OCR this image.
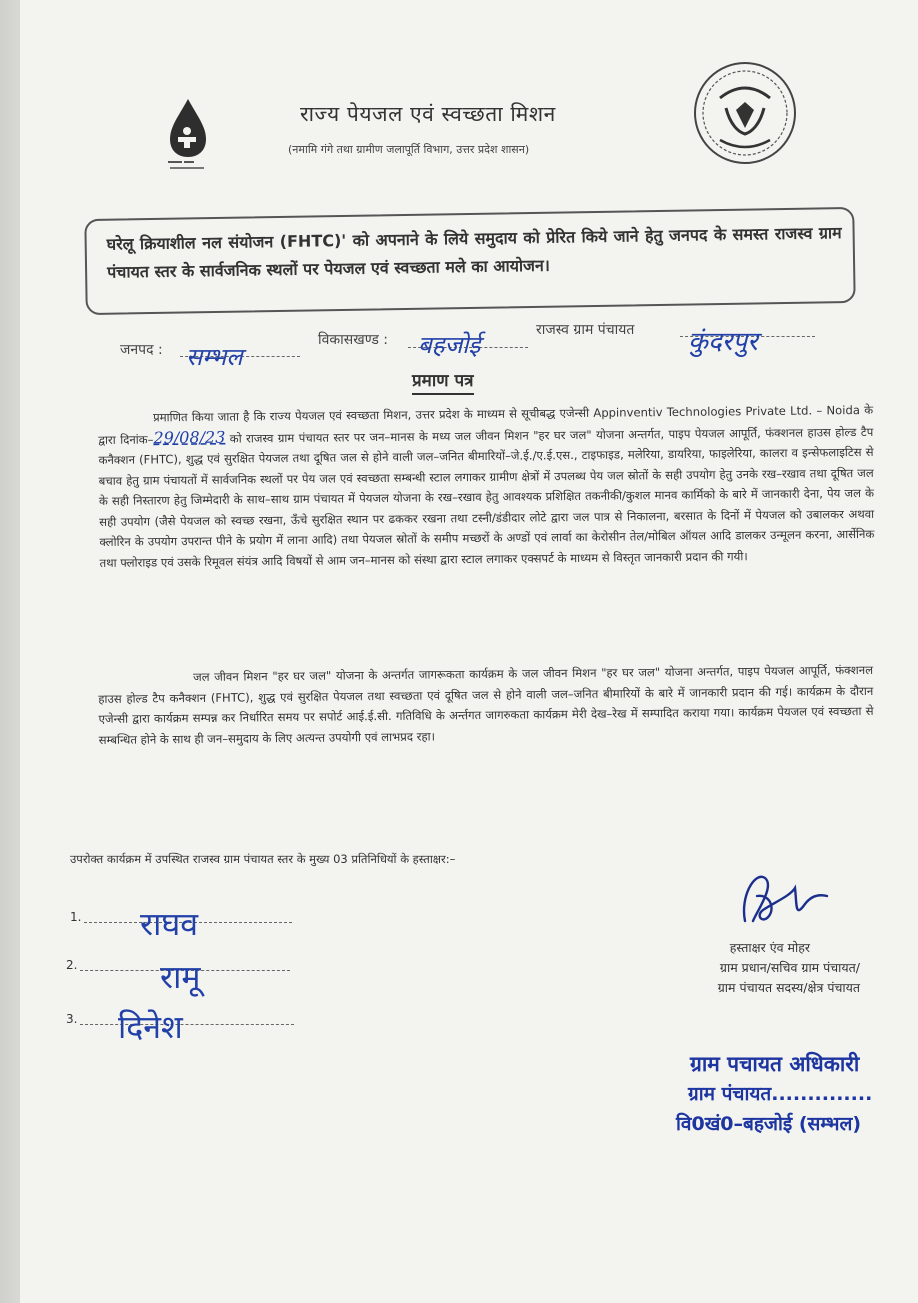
राज्य पेयजल एवं स्वच्छता मिशन
(नमामि गंगे तथा ग्रामीण जलापूर्ति विभाग, उत्तर प्रदेश शासन)
घरेलू क्रियाशील नल संयोजन (FHTC)' को अपनाने के लिये समुदाय को प्रेरित किये जाने हेतु जनपद के समस्त राजस्व ग्राम पंचायत स्तर के सार्वजनिक स्थलों पर पेयजल एवं स्वच्छता मले का आयोजन।
जनपद : सम्भल
विकासखण्ड : बहजोई
राजस्व ग्राम पंचायत कुंदरपुर
प्रमाण पत्र
प्रमाणित किया जाता है कि राज्य पेयजल एवं स्वच्छता मिशन, उत्तर प्रदेश के माध्यम से सूचीबद्ध एजेन्सी Appinventiv Technologies Private Ltd. – Noida के द्वारा दिनांक–29/08/23 को राजस्व ग्राम पंचायत स्तर पर जन–मानस के मध्य जल जीवन मिशन "हर घर जल" योजना अन्तर्गत, पाइप पेयजल आपूर्ति, फंक्शनल हाउस होल्ड टैप कनैक्शन (FHTC), शुद्ध एवं सुरक्षित पेयजल तथा दूषित जल से होने वाली जल–जनित बीमारियों–जे.ई./ए.ई.एस., टाइफाइड, मलेरिया, डायरिया, फाइलेरिया, कालरा व इन्सेफलाइटिस से बचाव हेतु ग्राम पंचायतों में सार्वजनिक स्थलों पर पेय जल एवं स्वच्छता सम्बन्धी स्टाल लगाकर ग्रामीण क्षेत्रों में उपलब्ध पेय जल स्रोतों के सही उपयोग हेतु उनके रख–रखाव तथा दूषित जल के सही निस्तारण हेतु जिम्मेदारी के साथ–साथ ग्राम पंचायत में पेयजल योजना के रख–रखाव हेतु आवश्यक प्रशिक्षित तकनीकी/कुशल मानव कार्मिको के बारे में जानकारी देना, पेय जल के सही उपयोग (जैसे पेयजल को स्वच्छ रखना, ऊँचे सुरक्षित स्थान पर ढककर रखना तथा टस्नी/डंडीदार लोटे द्वारा जल पात्र से निकालना, बरसात के दिनों में पेयजल को उबालकर अथवा क्लोरिन के उपयोग उपरान्त पीने के प्रयोग में लाना आदि) तथा पेयजल स्रोतों के समीप मच्छरों के अण्डों एवं लार्वा का केरोसीन तेल/मोबिल ऑयल आदि डालकर उन्मूलन करना, आर्सेनिक तथा फ्लोराइड एवं उसके रिमूवल संयंत्र आदि विषयों से आम जन–मानस को संस्था द्वारा स्टाल लगाकर एक्सपर्ट के माध्यम से विस्तृत जानकारी प्रदान की गयी।
जल जीवन मिशन "हर घर जल" योजना के अन्तर्गत जागरूकता कार्यक्रम के जल जीवन मिशन "हर घर जल" योजना अन्तर्गत, पाइप पेयजल आपूर्ति, फंक्शनल हाउस होल्ड टैप कनैक्शन (FHTC), शुद्ध एवं सुरक्षित पेयजल तथा स्वच्छता एवं दूषित जल से होने वाली जल–जनित बीमारियों के बारे में जानकारी प्रदान की गई। कार्यक्रम के दौरान एजेन्सी द्वारा कार्यक्रम सम्पन्न कर निर्धारित समय पर सपोर्ट आई.ई.सी. गतिविधि के अर्न्तगत जागरुकता कार्यक्रम मेरी देख–रेख में सम्पादित कराया गया। कार्यक्रम पेयजल एवं स्वच्छता से सम्बन्धित होने के साथ ही जन–समुदाय के लिए अत्यन्त उपयोगी एवं लाभप्रद रहा।
उपरोक्त कार्यक्रम में उपस्थित राजस्व ग्राम पंचायत स्तर के मुख्य 03 प्रतिनिधियों के हस्ताक्षर:–
1. राघव
2.	रामू
3. दिनेश
हस्ताक्षर एंव मोहर
ग्राम प्रधान/सचिव ग्राम पंचायत/
ग्राम पंचायत सदस्य/क्षेत्र पंचायत
ग्राम पचायत अधिकारी
ग्राम पंचायत..............
वि0खं0–बहजोई (सम्भल)
